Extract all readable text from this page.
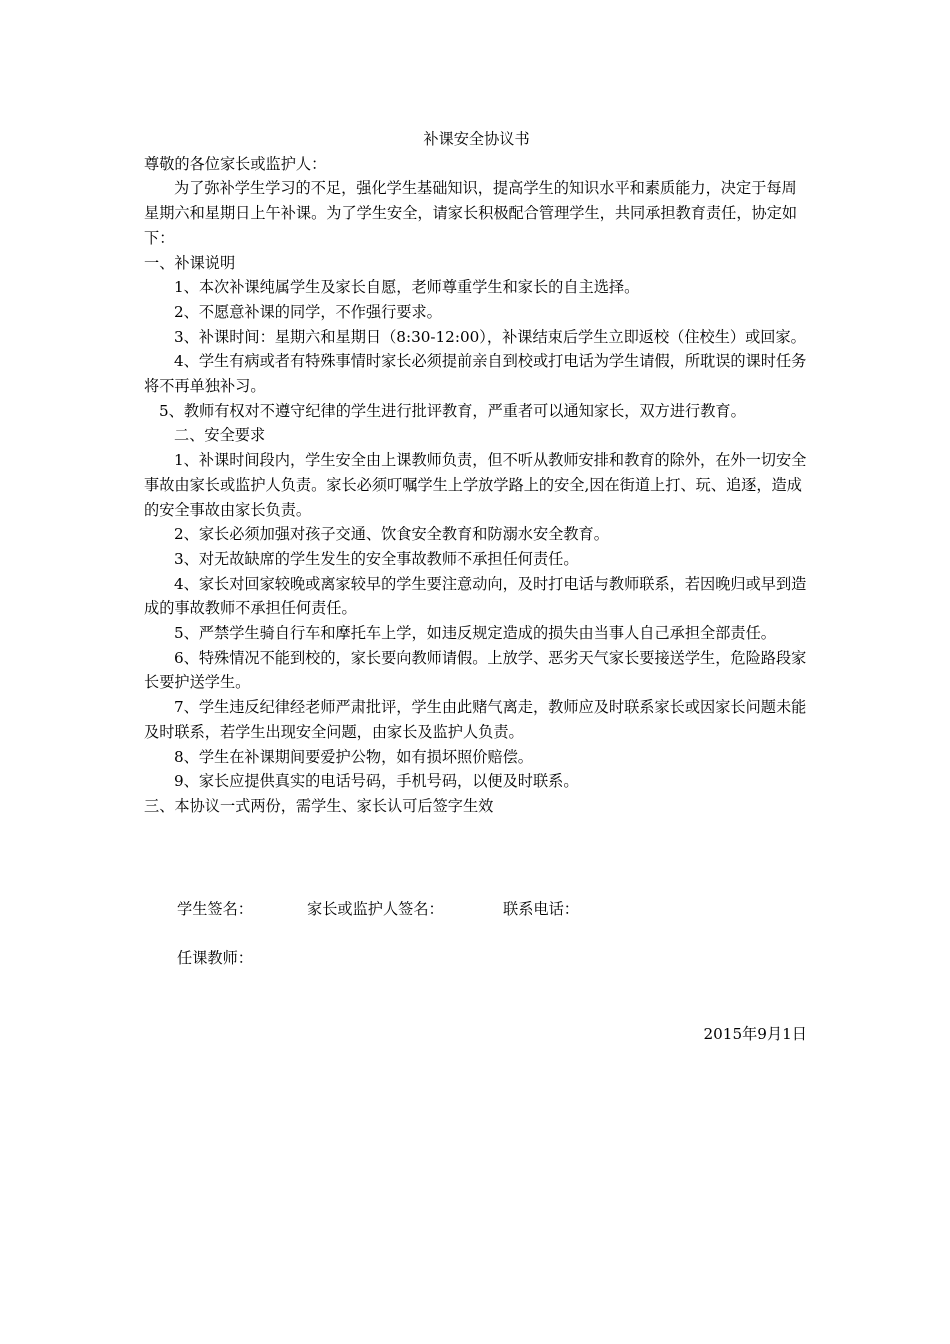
补课安全协议书

尊敬的各位家长或监护人：

为了弥补学生学习的不足，强化学生基础知识，提高学生的知识水平和素质能力，决定于每周星期六和星期日上午补课。为了学生安全，请家长积极配合管理学生，共同承担教育责任，协定如下：

一、补课说明

1、本次补课纯属学生及家长自愿，老师尊重学生和家长的自主选择。

2、不愿意补课的同学，不作强行要求。

3、补课时间：星期六和星期日（8:30-12:00），补课结束后学生立即返校（住校生）或回家。

4、学生有病或者有特殊事情时家长必须提前亲自到校或打电话为学生请假，所耽误的课时任务将不再单独补习。

5、教师有权对不遵守纪律的学生进行批评教育，严重者可以通知家长，双方进行教育。

二、安全要求

1、补课时间段内，学生安全由上课教师负责，但不听从教师安排和教育的除外，在外一切安全事故由家长或监护人负责。家长必须叮嘱学生上学放学路上的安全,因在街道上打、玩、追逐，造成的安全事故由家长负责。

2、家长必须加强对孩子交通、饮食安全教育和防溺水安全教育。

3、对无故缺席的学生发生的安全事故教师不承担任何责任。

4、家长对回家较晚或离家较早的学生要注意动向，及时打电话与教师联系，若因晚归或早到造成的事故教师不承担任何责任。

5、严禁学生骑自行车和摩托车上学，如违反规定造成的损失由当事人自己承担全部责任。

6、特殊情况不能到校的，家长要向教师请假。上放学、恶劣天气家长要接送学生，危险路段家长要护送学生。

7、学生违反纪律经老师严肃批评，学生由此赌气离走，教师应及时联系家长或因家长问题未能及时联系，若学生出现安全问题，由家长及监护人负责。

8、学生在补课期间要爱护公物，如有损坏照价赔偿。

9、家长应提供真实的电话号码，手机号码，以便及时联系。

三、本协议一式两份，需学生、家长认可后签字生效

学生签名：	家长或监护人签名：	联系电话：
任课教师：
2015年9月1日
